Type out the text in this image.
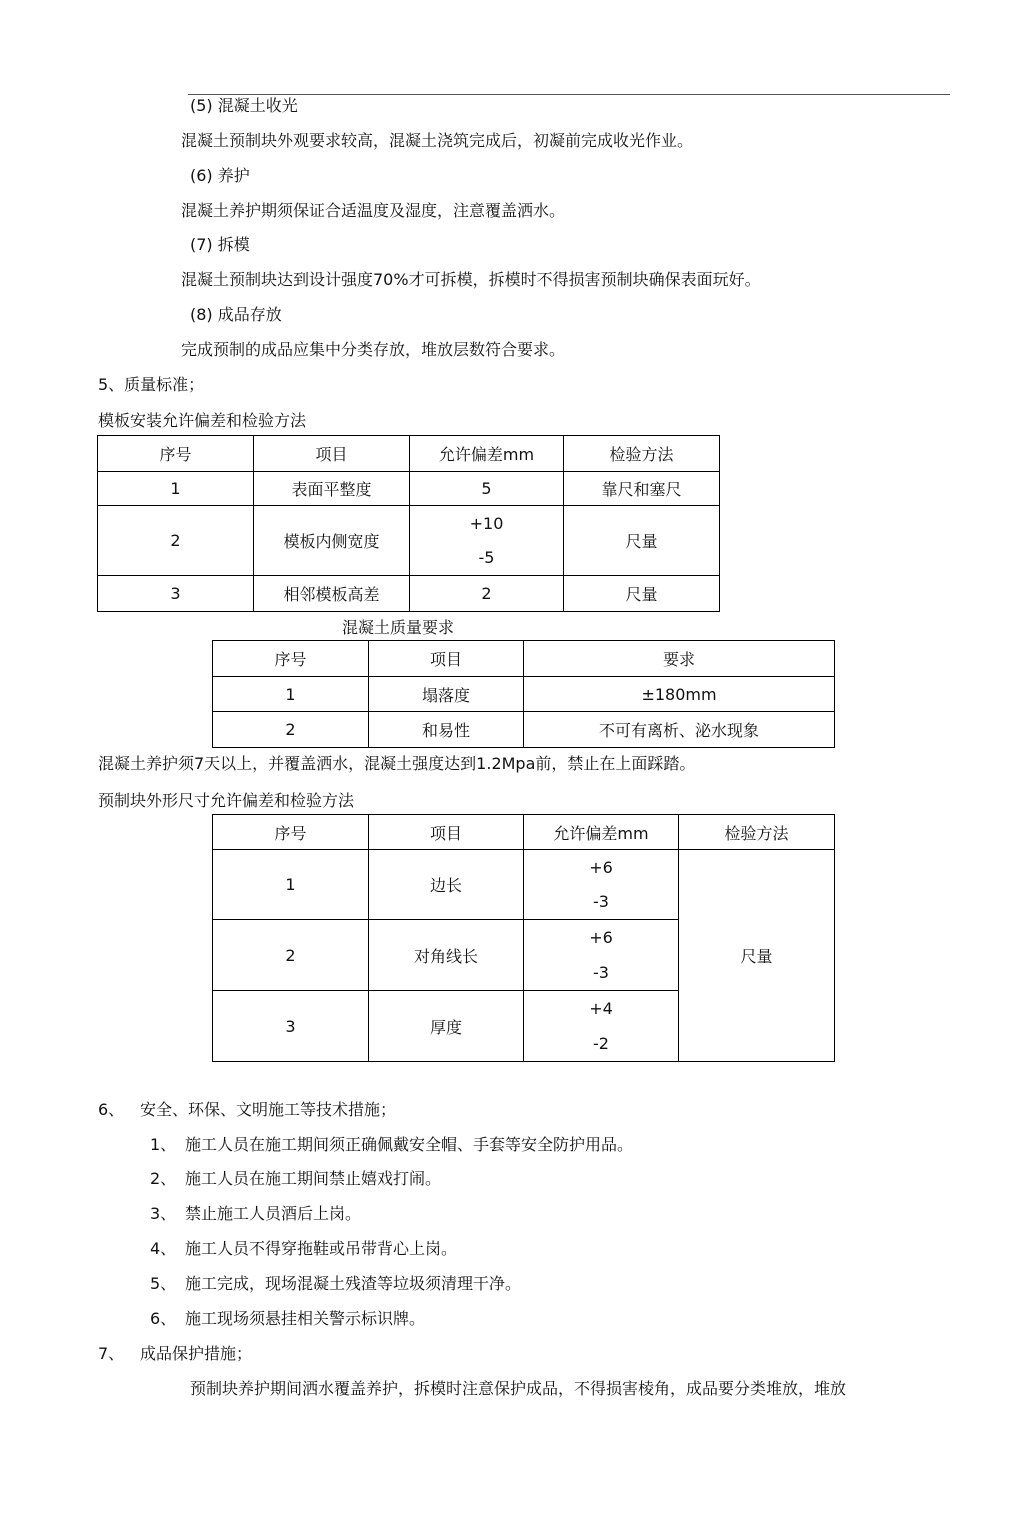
(5) 混凝土收光
混凝土预制块外观要求较高，混凝土浇筑完成后，初凝前完成收光作业。
(6) 养护
混凝土养护期须保证合适温度及湿度，注意覆盖洒水。
(7) 拆模
混凝土预制块达到设计强度70%才可拆模，拆模时不得损害预制块确保表面玩好。
(8) 成品存放
完成预制的成品应集中分类存放，堆放层数符合要求。
5、质量标准；
模板安装允许偏差和检验方法
序号	项目	允许偏差mm	检验方法
1	表面平整度	5	靠尺和塞尺
2	模板内侧宽度	+10
-5	尺量
3	相邻模板高差	2	尺量
混凝土质量要求
序号	项目	要求
1	塌落度	±180mm
2	和易性	不可有离析、泌水现象
混凝土养护须7天以上，并覆盖洒水，混凝土强度达到1.2Mpa前，禁止在上面踩踏。
预制块外形尺寸允许偏差和检验方法
序号	项目	允许偏差mm	检验方法
1	边长	+6
-3	尺量
2	对角线长	+6
-3	

3	厚度	+4
-2	
6、 安全、环保、文明施工等技术措施；
1、 施工人员在施工期间须正确佩戴安全帽、手套等安全防护用品。
2、 施工人员在施工期间禁止嬉戏打闹。
3、 禁止施工人员酒后上岗。
4、 施工人员不得穿拖鞋或吊带背心上岗。
5、 施工完成，现场混凝土残渣等垃圾须清理干净。
6、 施工现场须悬挂相关警示标识牌。
7、 成品保护措施；
预制块养护期间洒水覆盖养护，拆模时注意保护成品，不得损害棱角，成品要分类堆放，堆放
